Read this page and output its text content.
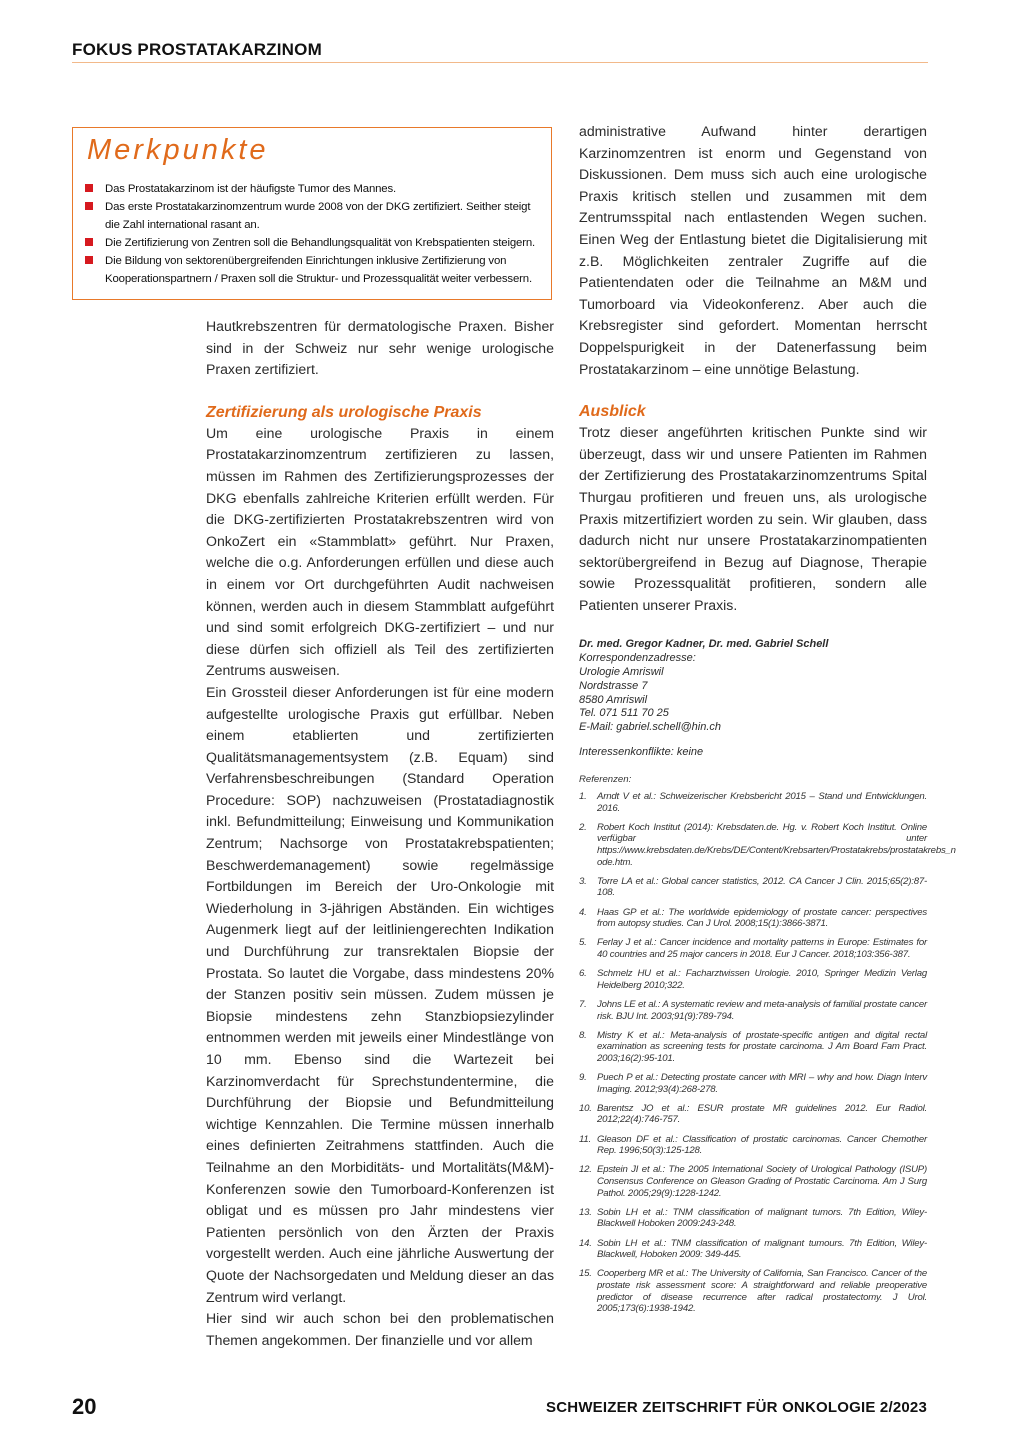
FOKUS PROSTATAKARZINOM
Merkpunkte
Das Prostatakarzinom ist der häufigste Tumor des Mannes.
Das erste Prostatakarzinomzentrum wurde 2008 von der DKG zertifiziert. Seither steigt die Zahl international rasant an.
Die Zertifizierung von Zentren soll die Behandlungsqualität von Krebspatienten steigern.
Die Bildung von sektorenübergreifenden Einrichtungen inklusive Zertifizierung von Kooperationspartnern / Praxen soll die Struktur- und Prozessqualität weiter verbessern.

Hautkrebszentren für dermatologische Praxen. Bisher sind in der Schweiz nur sehr wenige urologische Praxen zertifiziert.

Zertifizierung als urologische Praxis

Um eine urologische Praxis in einem Prostatakarzinomzentrum zertifizieren zu lassen, müssen im Rahmen des Zertifizierungsprozesses der DKG ebenfalls zahlreiche Kriterien erfüllt werden. Für die DKG-zertifizierten Prostatakrebszentren wird von OnkoZert ein «Stammblatt» geführt. Nur Praxen, welche die o.g. Anforderungen erfüllen und diese auch in einem vor Ort durchgeführten Audit nachweisen können, werden auch in diesem Stammblatt aufgeführt und sind somit erfolgreich DKG-zertifiziert – und nur diese dürfen sich offiziell als Teil des zertifizierten Zentrums ausweisen.

Ein Grossteil dieser Anforderungen ist für eine modern aufgestellte urologische Praxis gut erfüllbar. Neben einem etablierten und zertifizierten Qualitätsmanagementsystem (z.B. Equam) sind Verfahrensbeschreibungen (Standard Operation Procedure: SOP) nachzuweisen (Prostatadiagnostik inkl. Befundmitteilung; Einweisung und Kommunikation Zentrum; Nachsorge von Prostatakrebspatienten; Beschwerdemanagement) sowie regelmässige Fortbildungen im Bereich der Uro-Onkologie mit Wiederholung in 3-jährigen Abständen. Ein wichtiges Augenmerk liegt auf der leitliniengerechten Indikation und Durchführung zur transrektalen Biopsie der Prostata. So lautet die Vorgabe, dass mindestens 20% der Stanzen positiv sein müssen. Zudem müssen je Biopsie mindestens zehn Stanzbiopsiezylinder entnommen werden mit jeweils einer Mindestlänge von 10 mm. Ebenso sind die Wartezeit bei Karzinomverdacht für Sprechstundentermine, die Durchführung der Biopsie und Befundmitteilung wichtige Kennzahlen. Die Termine müssen innerhalb eines definierten Zeitrahmens stattfinden. Auch die Teilnahme an den Morbiditäts- und Mortalitäts(M&M)-Konferenzen sowie den Tumorboard-Konferenzen ist obligat und es müssen pro Jahr mindestens vier Patienten persönlich von den Ärzten der Praxis vorgestellt werden. Auch eine jährliche Auswertung der Quote der Nachsorgedaten und Meldung dieser an das Zentrum wird verlangt.

Hier sind wir auch schon bei den problematischen Themen angekommen. Der finanzielle und vor allem

administrative Aufwand hinter derartigen Karzinomzentren ist enorm und Gegenstand von Diskussionen. Dem muss sich auch eine urologische Praxis kritisch stellen und zusammen mit dem Zentrumsspital nach entlastenden Wegen suchen. Einen Weg der Entlastung bietet die Digitalisierung mit z.B. Möglichkeiten zentraler Zugriffe auf die Patientendaten oder die Teilnahme an M&M und Tumorboard via Videokonferenz. Aber auch die Krebsregister sind gefordert. Momentan herrscht Doppelspurigkeit in der Datenerfassung beim Prostatakarzinom – eine unnötige Belastung.

Ausblick

Trotz dieser angeführten kritischen Punkte sind wir überzeugt, dass wir und unsere Patienten im Rahmen der Zertifizierung des Prostatakarzinomzentrums Spital Thurgau profitieren und freuen uns, als urologische Praxis mitzertifiziert worden zu sein. Wir glauben, dass dadurch nicht nur unsere Prostatakarzinompatienten sektorübergreifend in Bezug auf Diagnose, Therapie sowie Prozessqualität profitieren, sondern alle Patienten unserer Praxis.

Dr. med. Gregor Kadner, Dr. med. Gabriel Schell
Korrespondenzadresse:
Urologie Amriswil
Nordstrasse 7
8580 Amriswil
Tel. 071 511 70 25
E-Mail: gabriel.schell@hin.ch
Interessenkonflikte: keine
Referenzen:
1. Arndt V et al.: Schweizerischer Krebsbericht 2015 – Stand und Entwicklungen. 2016.
2. Robert Koch Institut (2014): Krebsdaten.de. Hg. v. Robert Koch Institut. Online verfügbar unter https://www.krebsdaten.de/Krebs/DE/Content/Krebsarten/Prostatakrebs/prostatakrebs_n ode.htm.
3. Torre LA et al.: Global cancer statistics, 2012. CA Cancer J Clin. 2015;65(2):87-108.
4. Haas GP et al.: The worldwide epidemiology of prostate cancer: perspectives from autopsy studies. Can J Urol. 2008;15(1):3866-3871.
5. Ferlay J et al.: Cancer incidence and mortality patterns in Europe: Estimates for 40 countries and 25 major cancers in 2018. Eur J Cancer. 2018;103:356-387.
6. Schmelz HU et al.: Facharztwissen Urologie. 2010, Springer Medizin Verlag Heidelberg 2010;322.
7. Johns LE et al.: A systematic review and meta-analysis of familial prostate cancer risk. BJU Int. 2003;91(9):789-794.
8. Mistry K et al.: Meta-analysis of prostate-specific antigen and digital rectal examination as screening tests for prostate carcinoma. J Am Board Fam Pract. 2003;16(2):95-101.
9. Puech P et al.: Detecting prostate cancer with MRI – why and how. Diagn Interv Imaging. 2012;93(4):268-278.
10. Barentsz JO et al.: ESUR prostate MR guidelines 2012. Eur Radiol. 2012;22(4):746-757.
11. Gleason DF et al.: Classification of prostatic carcinomas. Cancer Chemother Rep. 1996;50(3):125-128.
12. Epstein JI et al.: The 2005 International Society of Urological Pathology (ISUP) Consensus Conference on Gleason Grading of Prostatic Carcinoma. Am J Surg Pathol. 2005;29(9):1228-1242.
13. Sobin LH et al.: TNM classification of malignant tumors. 7th Edition, Wiley-Blackwell Hoboken 2009:243-248.
14. Sobin LH et al.: TNM classification of malignant tumours. 7th Edition, Wiley-Blackwell, Hoboken 2009: 349-445.
15. Cooperberg MR et al.: The University of California, San Francisco. Cancer of the prostate risk assessment score: A straightforward and reliable preoperative predictor of disease recurrence after radical prostatectomy. J Urol. 2005;173(6):1938-1942.
20	SCHWEIZER ZEITSCHRIFT FÜR ONKOLOGIE 2/2023
